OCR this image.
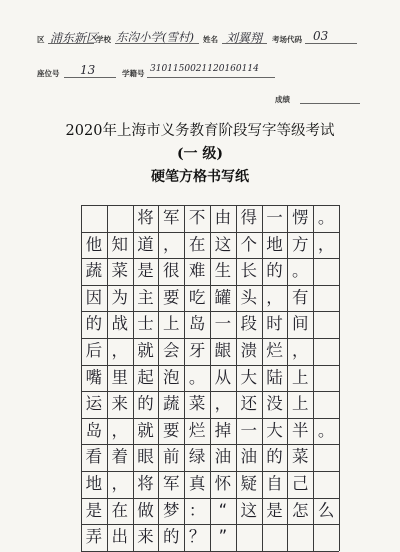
区 浦东新区
学校 东沟小学(雪村) 姓名 刘翼翔 考场代码 03
座位号 13	学籍号 3101150021120160114
成绩
2020年上海市义务教育阶段写字等级考试
(一 级)
硬笔方格书写纸
将 军 不 由 得 一 愣 。
他 知 道 ， 在 这 个 地 方 ，
蔬 菜 是 很 难 生 长 的 。
因 为 主 要 吃 罐 头 ， 有
的 战 士 上 岛 一 段 时 间
后 ， 就 会 牙 龈 溃 烂 ，
嘴 里 起 泡 。 从 大 陆 上
运 来 的 蔬 菜 ， 还 没 上
岛 ， 就 要 烂 掉 一 大 半 。
看 着 眼 前 绿 油 油 的 菜
地 ， 将 军 真 怀 疑 自 己
是 在 做 梦 ： “ 这 是 怎 么
弄 出 来 的 ？ ”
